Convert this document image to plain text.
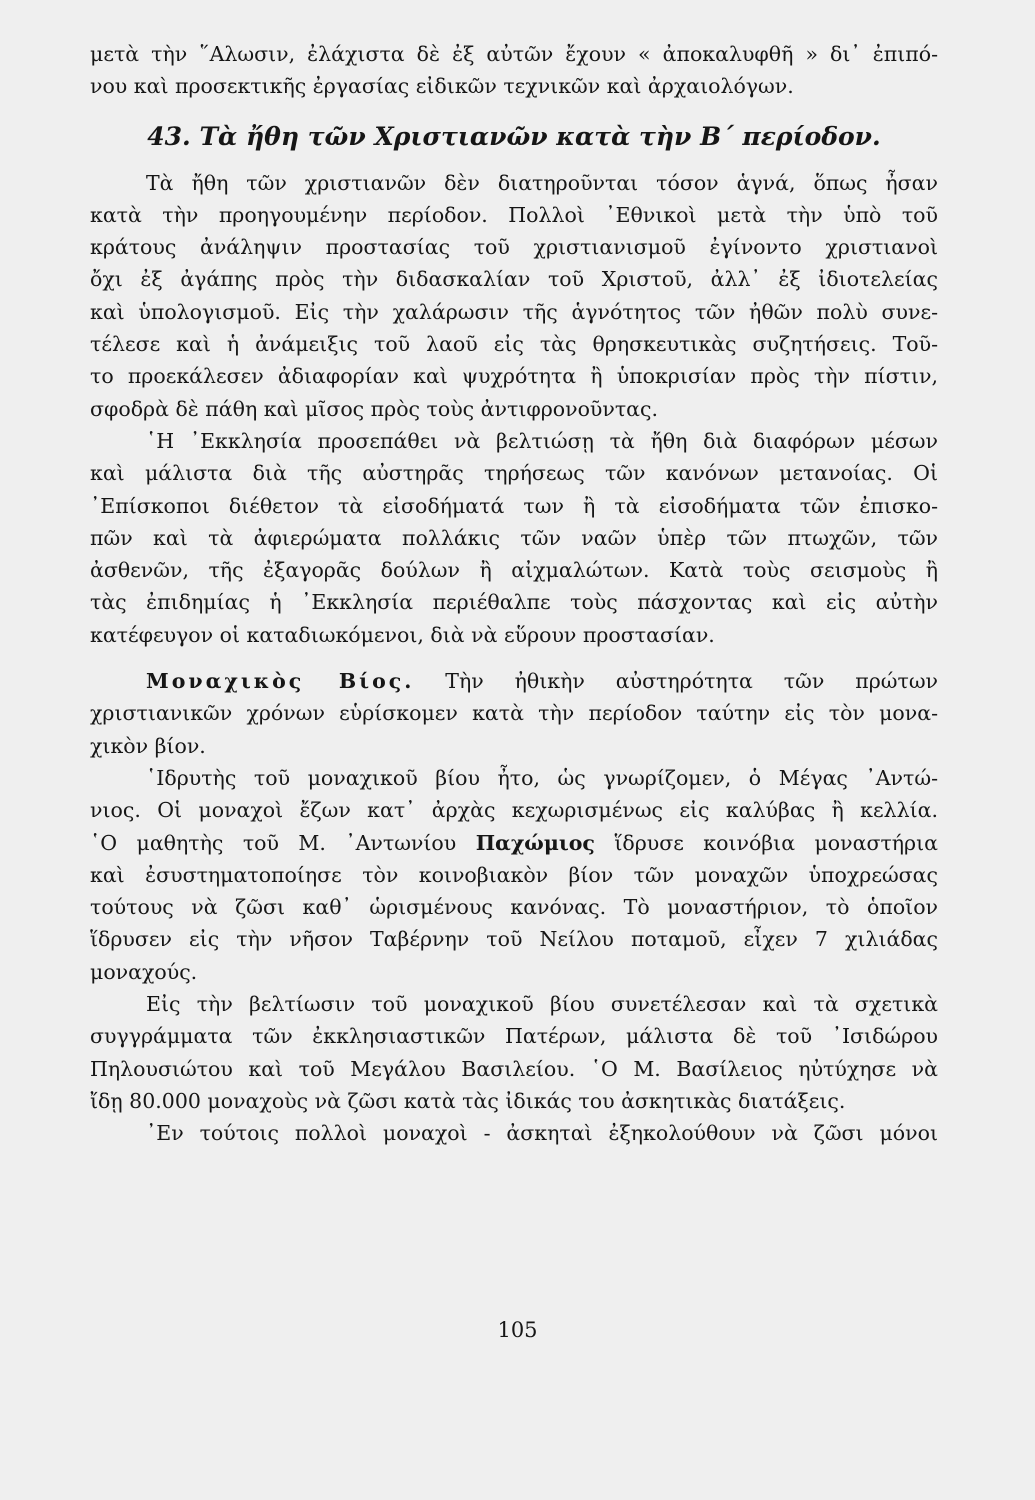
μετὰ τὴν ῞Αλωσιν, ἐλάχιστα δὲ ἐξ αὐτῶν ἔχουν « ἀποκαλυφθῆ » δι᾿ ἐπιπό-
νου καὶ προσεκτικῆς ἐργασίας εἰδικῶν τεχνικῶν καὶ ἀρχαιολόγων.
43. Τὰ ἤθη τῶν Χριστιανῶν κατὰ τὴν Β΄ περίοδον.
Τὰ ἤθη τῶν χριστιανῶν δὲν διατηροῦνται τόσον ἁγνά, ὅπως ἦσαν
κατὰ τὴν προηγουμένην περίοδον. Πολλοὶ ᾿Εθνικοὶ μετὰ τὴν ὑπὸ τοῦ
κράτους ἀνάληψιν προστασίας τοῦ χριστιανισμοῦ ἐγίνοντο χριστιανοὶ
ὄχι ἐξ ἀγάπης πρὸς τὴν διδασκαλίαν τοῦ Χριστοῦ, ἀλλ᾿ ἐξ ἰδιοτελείας
καὶ ὑπολογισμοῦ. Εἰς τὴν χαλάρωσιν τῆς ἁγνότητος τῶν ἠθῶν πολὺ συνε-
τέλεσε καὶ ἡ ἀνάμειξις τοῦ λαοῦ εἰς τὰς θρησκευτικὰς συζητήσεις. Τοῦ-
το προεκάλεσεν ἀδιαφορίαν καὶ ψυχρότητα ἢ ὑποκρισίαν πρὸς τὴν πίστιν,
σφοδρὰ δὲ πάθη καὶ μῖσος πρὸς τοὺς ἀντιφρονοῦντας.
῾Η ᾿Εκκλησία προσεπάθει νὰ βελτιώσῃ τὰ ἤθη διὰ διαφόρων μέσων
καὶ μάλιστα διὰ τῆς αὐστηρᾶς τηρήσεως τῶν κανόνων μετανοίας. Οἱ
᾿Επίσκοποι διέθετον τὰ εἰσοδήματά των ἢ τὰ εἰσοδήματα τῶν ἐπισκο-
πῶν καὶ τὰ ἀφιερώματα πολλάκις τῶν ναῶν ὑπὲρ τῶν πτωχῶν, τῶν
ἀσθενῶν, τῆς ἐξαγορᾶς δούλων ἢ αἰχμαλώτων. Κατὰ τοὺς σεισμοὺς ἢ
τὰς ἐπιδημίας ἡ ᾿Εκκλησία περιέθαλπε τοὺς πάσχοντας καὶ εἰς αὐτὴν
κατέφευγον οἱ καταδιωκόμενοι, διὰ νὰ εὕρουν προστασίαν.
Μοναχικὸς Βίος. Τὴν ἠθικὴν αὐστηρότητα τῶν πρώτων
χριστιανικῶν χρόνων εὑρίσκομεν κατὰ τὴν περίοδον ταύτην εἰς τὸν μονα-
χικὸν βίον.
῾Ιδρυτὴς τοῦ μοναχικοῦ βίου ἦτο, ὡς γνωρίζομεν, ὁ Μέγας ᾿Αντώ-
νιος. Οἱ μοναχοὶ ἔζων κατ᾿ ἀρχὰς κεχωρισμένως εἰς καλύβας ἢ κελλία.
῾Ο μαθητὴς τοῦ Μ. ᾿Αντωνίου Παχώμιος ἵδρυσε κοινόβια μοναστήρια
καὶ ἐσυστηματοποίησε τὸν κοινοβιακὸν βίον τῶν μοναχῶν ὑποχρεώσας
τούτους νὰ ζῶσι καθ᾿ ὡρισμένους κανόνας. Τὸ μοναστήριον, τὸ ὁποῖον
ἵδρυσεν εἰς τὴν νῆσον Ταβέρνην τοῦ Νείλου ποταμοῦ, εἶχεν 7 χιλιάδας
μοναχούς.
Εἰς τὴν βελτίωσιν τοῦ μοναχικοῦ βίου συνετέλεσαν καὶ τὰ σχετικὰ
συγγράμματα τῶν ἐκκλησιαστικῶν Πατέρων, μάλιστα δὲ τοῦ ᾿Ισιδώρου
Πηλουσιώτου καὶ τοῦ Μεγάλου Βασιλείου. ῾Ο Μ. Βασίλειος ηὐτύχησε νὰ
ἴδῃ 80.000 μοναχοὺς νὰ ζῶσι κατὰ τὰς ἰδικάς του ἀσκητικὰς διατάξεις.
᾿Εν τούτοις πολλοὶ μοναχοὶ - ἀσκηταὶ ἐξηκολούθουν νὰ ζῶσι μόνοι
105
